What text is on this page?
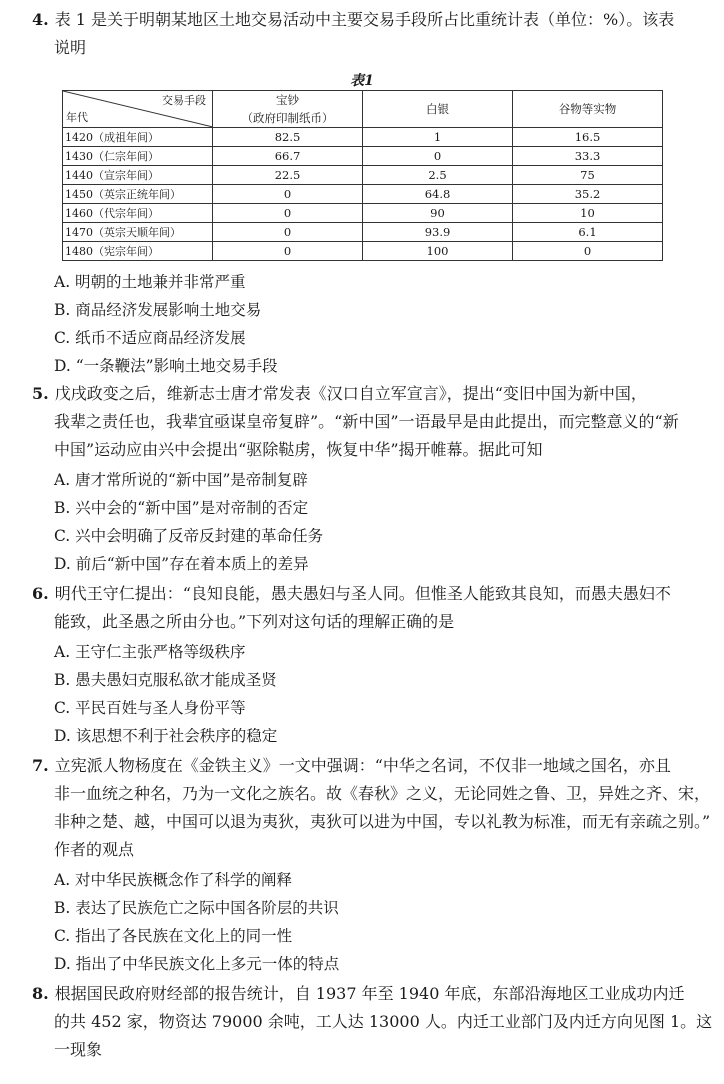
4. 表 1 是关于明朝某地区土地交易活动中主要交易手段所占比重统计表（单位：%）。该表
说明
表1
交易手段
年代	宝钞	白银	谷物等实物
	（政府印制纸币）		
1420（成祖年间）	82.5	1	16.5
1430（仁宗年间）	66.7	0	33.3
1440（宣宗年间）	22.5	2.5	75
1450（英宗正统年间）	0	64.8	35.2
1460（代宗年间）	0	90	10
1470（英宗天顺年间）	0	93.9	6.1
1480（宪宗年间）	0	100	0
A. 明朝的土地兼并非常严重
B. 商品经济发展影响土地交易
C. 纸币不适应商品经济发展
D. “一条鞭法”影响土地交易手段
5. 戊戌政变之后，维新志士唐才常发表《汉口自立军宣言》，提出“变旧中国为新中国，
我辈之责任也，我辈宜亟谋皇帝复辟”。“新中国”一语最早是由此提出，而完整意义的“新
中国”运动应由兴中会提出“驱除鞑虏，恢复中华”揭开帷幕。据此可知
A. 唐才常所说的“新中国”是帝制复辟
B. 兴中会的“新中国”是对帝制的否定
C. 兴中会明确了反帝反封建的革命任务
D. 前后“新中国”存在着本质上的差异
6. 明代王守仁提出：“良知良能，愚夫愚妇与圣人同。但惟圣人能致其良知，而愚夫愚妇不
能致，此圣愚之所由分也。”下列对这句话的理解正确的是
A. 王守仁主张严格等级秩序
B. 愚夫愚妇克服私欲才能成圣贤
C. 平民百姓与圣人身份平等
D. 该思想不利于社会秩序的稳定
7. 立宪派人物杨度在《金铁主义》一文中强调：“中华之名词，不仅非一地域之国名，亦且
非一血统之种名，乃为一文化之族名。故《春秋》之义，无论同姓之鲁、卫，异姓之齐、宋，
非种之楚、越，中国可以退为夷狄，夷狄可以进为中国，专以礼教为标准，而无有亲疏之别。”
作者的观点
A. 对中华民族概念作了科学的阐释
B. 表达了民族危亡之际中国各阶层的共识
C. 指出了各民族在文化上的同一性
D. 指出了中华民族文化上多元一体的特点
8. 根据国民政府财经部的报告统计，自 1937 年至 1940 年底，东部沿海地区工业成功内迁
的共 452 家，物资达 79000 余吨，工人达 13000 人。内迁工业部门及内迁方向见图 1。这
一现象
